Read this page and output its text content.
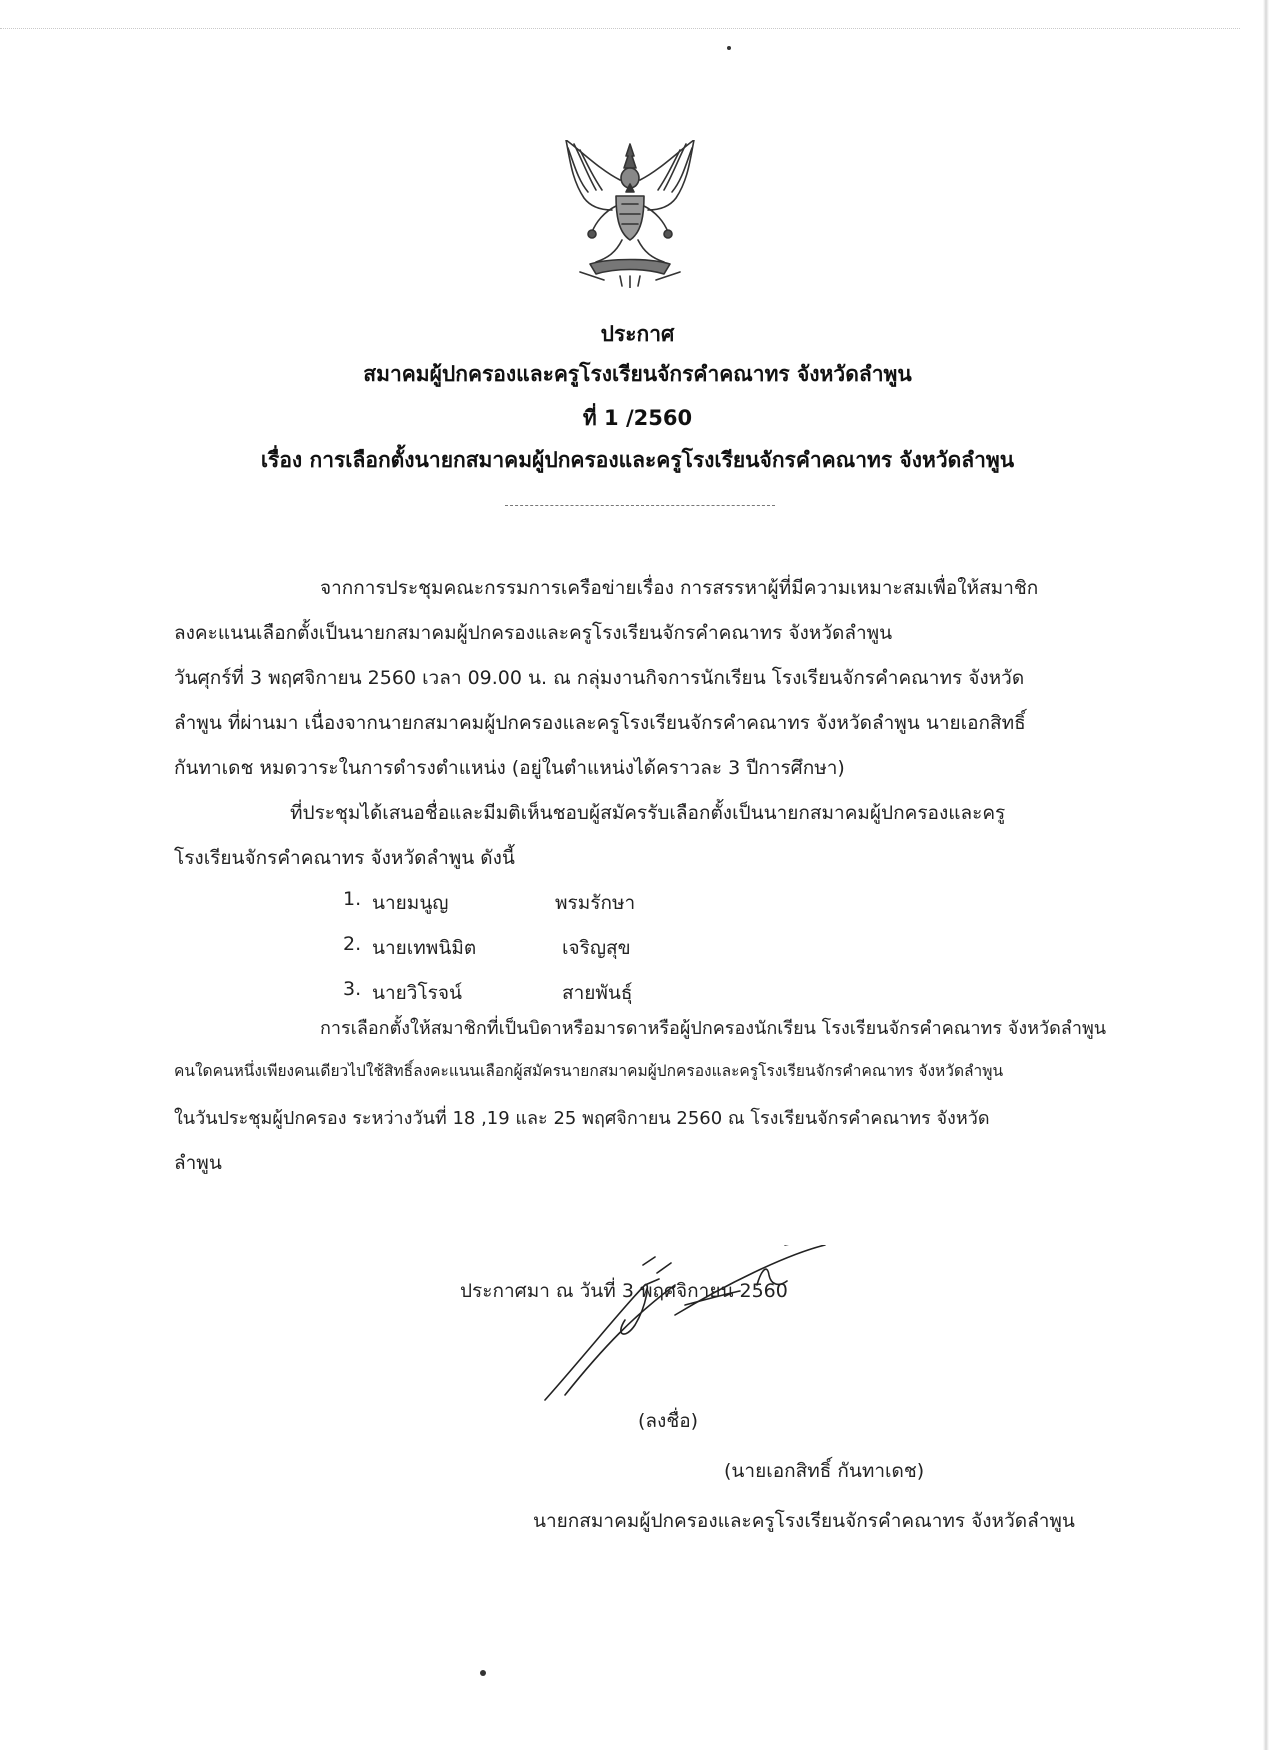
ประกาศ
สมาคมผู้ปกครองและครูโรงเรียนจักรคำคณาทร จังหวัดลำพูน
ที่ 1 /2560
เรื่อง การเลือกตั้งนายกสมาคมผู้ปกครองและครูโรงเรียนจักรคำคณาทร จังหวัดลำพูน
จากการประชุมคณะกรรมการเครือข่ายเรื่อง การสรรหาผู้ที่มีความเหมาะสมเพื่อให้สมาชิก
ลงคะแนนเลือกตั้งเป็นนายกสมาคมผู้ปกครองและครูโรงเรียนจักรคำคณาทร จังหวัดลำพูน
วันศุกร์ที่ 3 พฤศจิกายน 2560 เวลา 09.00 น. ณ กลุ่มงานกิจการนักเรียน โรงเรียนจักรคำคณาทร จังหวัด
ลำพูน ที่ผ่านมา เนื่องจากนายกสมาคมผู้ปกครองและครูโรงเรียนจักรคำคณาทร จังหวัดลำพูน นายเอกสิทธิ์
กันทาเดช หมดวาระในการดำรงตำแหน่ง (อยู่ในตำแหน่งได้คราวละ 3 ปีการศึกษา)
ที่ประชุมได้เสนอชื่อและมีมติเห็นชอบผู้สมัครรับเลือกตั้งเป็นนายกสมาคมผู้ปกครองและครู
โรงเรียนจักรคำคณาทร จังหวัดลำพูน ดังนี้
1. นายมนูญ	พรมรักษา
2. นายเทพนิมิต	เจริญสุข
3. นายวิโรจน์	สายพันธุ์
การเลือกตั้งให้สมาชิกที่เป็นบิดาหรือมารดาหรือผู้ปกครองนักเรียน โรงเรียนจักรคำคณาทร จังหวัดลำพูน
คนใดคนหนึ่งเพียงคนเดียวไปใช้สิทธิ์ลงคะแนนเลือกผู้สมัครนายกสมาคมผู้ปกครองและครูโรงเรียนจักรคำคณาทร จังหวัดลำพูน
ในวันประชุมผู้ปกครอง ระหว่างวันที่ 18 ,19 และ 25 พฤศจิกายน 2560 ณ โรงเรียนจักรคำคณาทร จังหวัด
ลำพูน
ประกาศมา ณ วันที่ 3 พฤศจิกายน 2560
(ลงชื่อ)
(นายเอกสิทธิ์ กันทาเดช)
นายกสมาคมผู้ปกครองและครูโรงเรียนจักรคำคณาทร จังหวัดลำพูน
